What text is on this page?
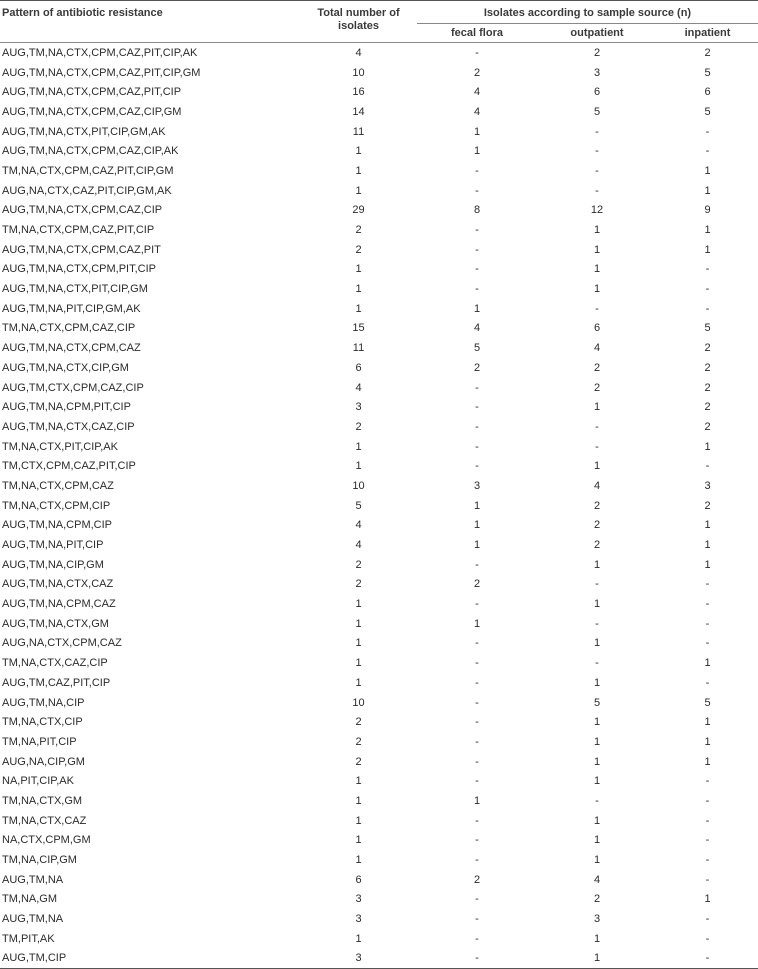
Pattern of antibiotic resistance	Total number of isolates	Isolates according to sample source (n)		
		fecal flora	outpatient	inpatient

AUG,TM,NA,CTX,CPM,CAZ,PIT,CIP,AK	4	-	2	2
AUG,TM,NA,CTX,CPM,CAZ,PIT,CIP,GM	10	2	3	5
AUG,TM,NA,CTX,CPM,CAZ,PIT,CIP	16	4	6	6
AUG,TM,NA,CTX,CPM,CAZ,CIP,GM	14	4	5	5
AUG,TM,NA,CTX,PIT,CIP,GM,AK	11	1	-	-
AUG,TM,NA,CTX,CPM,CAZ,CIP,AK	1	1	-	-
TM,NA,CTX,CPM,CAZ,PIT,CIP,GM	1	-	-	1
AUG,NA,CTX,CAZ,PIT,CIP,GM,AK	1	-	-	1
AUG,TM,NA,CTX,CPM,CAZ,CIP	29	8	12	9
TM,NA,CTX,CPM,CAZ,PIT,CIP	2	-	1	1
AUG,TM,NA,CTX,CPM,CAZ,PIT	2	-	1	1
AUG,TM,NA,CTX,CPM,PIT,CIP	1	-	1	-
AUG,TM,NA,CTX,PIT,CIP,GM	1	-	1	-
AUG,TM,NA,PIT,CIP,GM,AK	1	1	-	-
TM,NA,CTX,CPM,CAZ,CIP	15	4	6	5
AUG,TM,NA,CTX,CPM,CAZ	11	5	4	2
AUG,TM,NA,CTX,CIP,GM	6	2	2	2
AUG,TM,CTX,CPM,CAZ,CIP	4	-	2	2
AUG,TM,NA,CPM,PIT,CIP	3	-	1	2
AUG,TM,NA,CTX,CAZ,CIP	2	-	-	2
TM,NA,CTX,PIT,CIP,AK	1	-	-	1
TM,CTX,CPM,CAZ,PIT,CIP	1	-	1	-
TM,NA,CTX,CPM,CAZ	10	3	4	3
TM,NA,CTX,CPM,CIP	5	1	2	2
AUG,TM,NA,CPM,CIP	4	1	2	1
AUG,TM,NA,PIT,CIP	4	1	2	1
AUG,TM,NA,CIP,GM	2	-	1	1
AUG,TM,NA,CTX,CAZ	2	2	-	-
AUG,TM,NA,CPM,CAZ	1	-	1	-
AUG,TM,NA,CTX,GM	1	1	-	-
AUG,NA,CTX,CPM,CAZ	1	-	1	-
TM,NA,CTX,CAZ,CIP	1	-	-	1
AUG,TM,CAZ,PIT,CIP	1	-	1	-
AUG,TM,NA,CIP	10	-	5	5
TM,NA,CTX,CIP	2	-	1	1
TM,NA,PIT,CIP	2	-	1	1
AUG,NA,CIP,GM	2	-	1	1
NA,PIT,CIP,AK	1	-	1	-
TM,NA,CTX,GM	1	1	-	-
TM,NA,CTX,CAZ	1	-	1	-
NA,CTX,CPM,GM	1	-	1	-
TM,NA,CIP,GM	1	-	1	-
AUG,TM,NA	6	2	4	-
TM,NA,GM	3	-	2	1
AUG,TM,NA	3	-	3	-
TM,PIT,AK	1	-	1	-
AUG,TM,CIP	3	-	1	-
